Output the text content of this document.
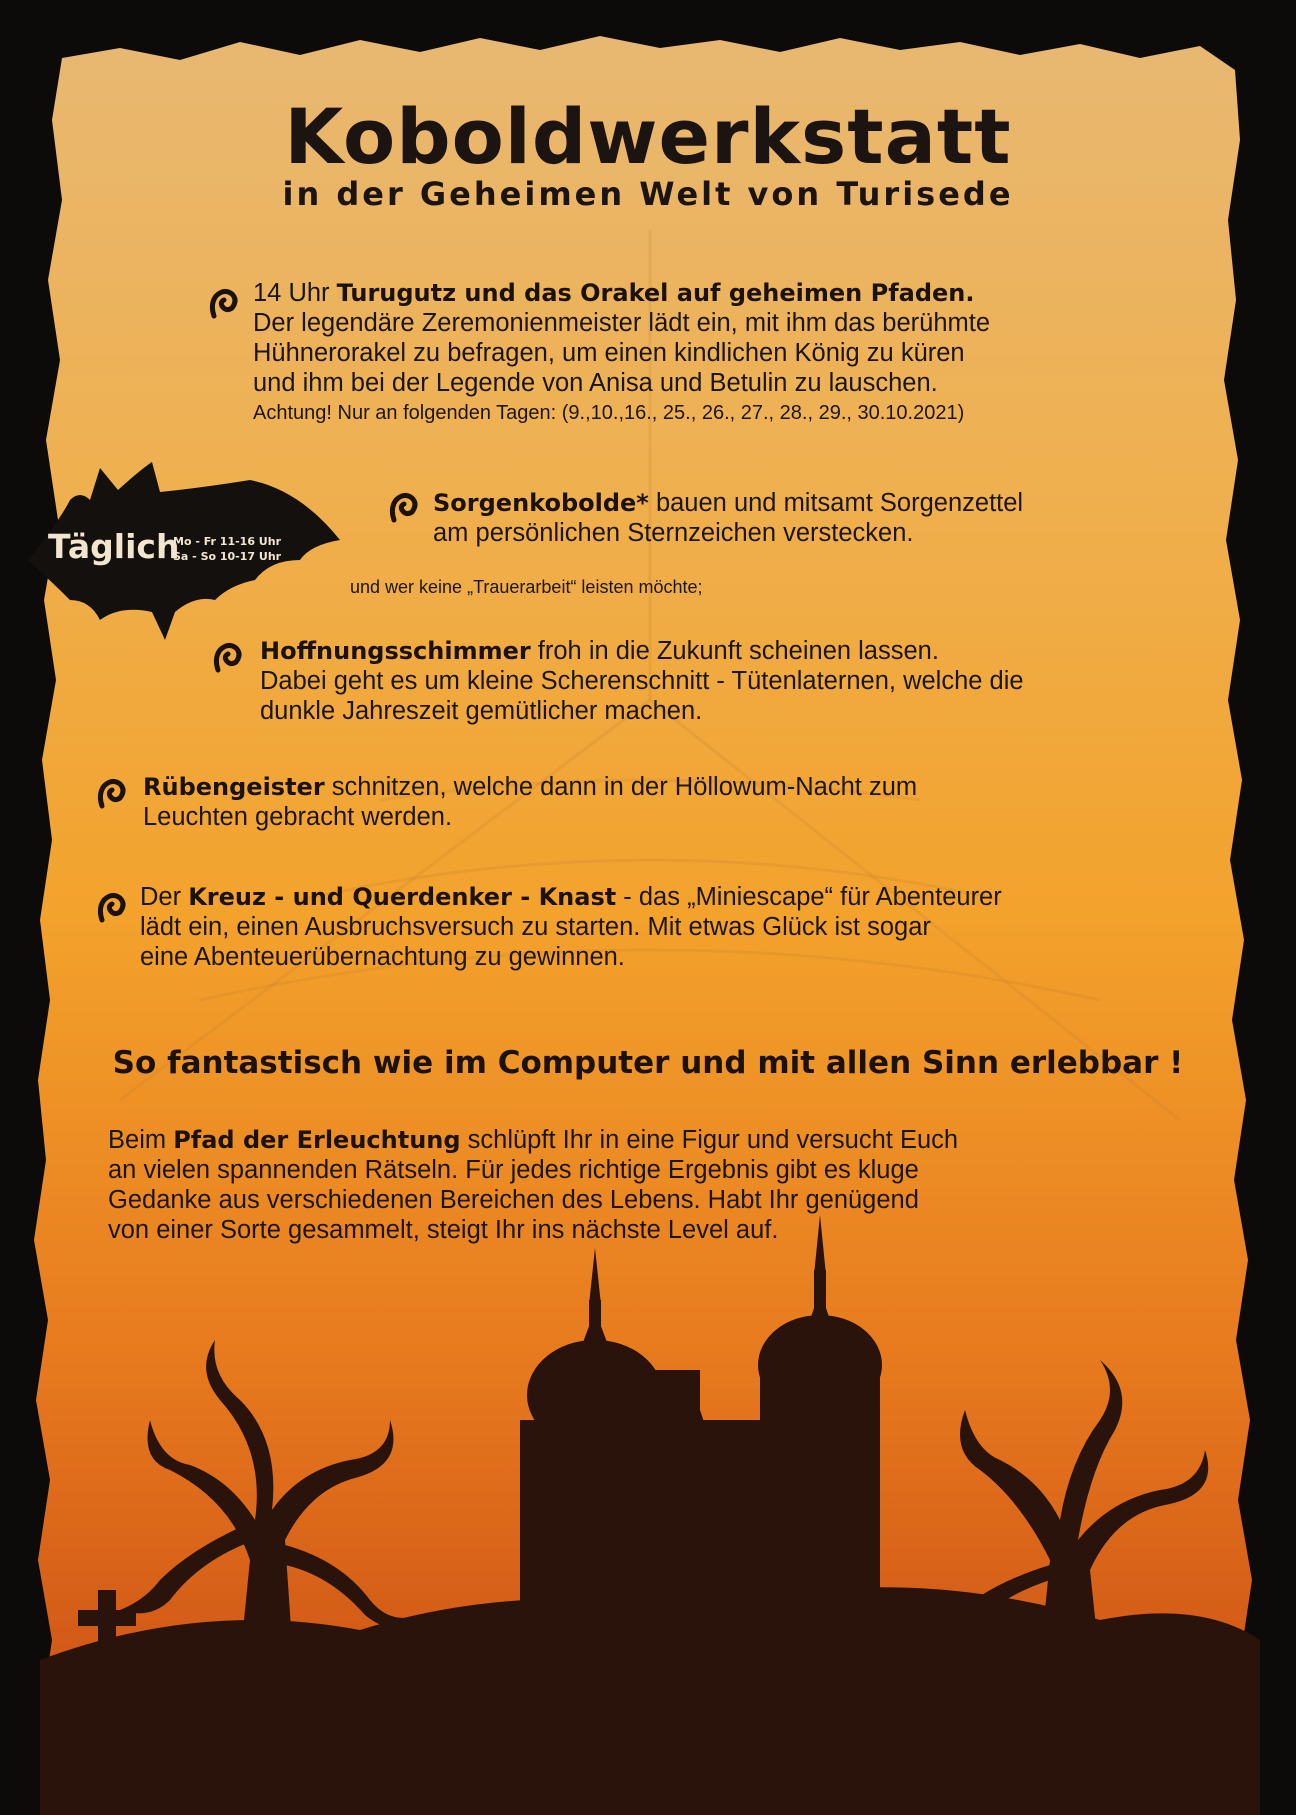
Koboldwerkstatt
in der Geheimen Welt von Turisede
14 Uhr Turugutz und das Orakel auf geheimen Pfaden.
Der legendäre Zeremonienmeister lädt ein, mit ihm das berühmte
Hühnerorakel zu befragen, um einen kindlichen König zu küren
und ihm bei der Legende von Anisa und Betulin zu lauschen.
Achtung! Nur an folgenden Tagen: (9.,10.,16., 25., 26., 27., 28., 29., 30.10.2021)
Täglich
Mo - Fr 11-16 Uhr
Sa - So 10-17 Uhr
Sorgenkobolde* bauen und mitsamt Sorgenzettel
am persönlichen Sternzeichen verstecken.
und wer keine „Trauerarbeit“ leisten möchte;
Hoffnungsschimmer froh in die Zukunft scheinen lassen.
Dabei geht es um kleine Scherenschnitt - Tütenlaternen, welche die
dunkle Jahreszeit gemütlicher machen.
Rübengeister schnitzen, welche dann in der Höllowum-Nacht zum
Leuchten gebracht werden.
Der Kreuz - und Querdenker - Knast - das „Miniescape“ für Abenteurer
lädt ein, einen Ausbruchsversuch zu starten. Mit etwas Glück ist sogar
eine Abenteuerübernachtung zu gewinnen.
So fantastisch wie im Computer und mit allen Sinn erlebbar !
Beim Pfad der Erleuchtung schlüpft Ihr in eine Figur und versucht Euch
an vielen spannenden Rätseln. Für jedes richtige Ergebnis gibt es kluge
Gedanke aus verschiedenen Bereichen des Lebens. Habt Ihr genügend
von einer Sorte gesammelt, steigt Ihr ins nächste Level auf.
